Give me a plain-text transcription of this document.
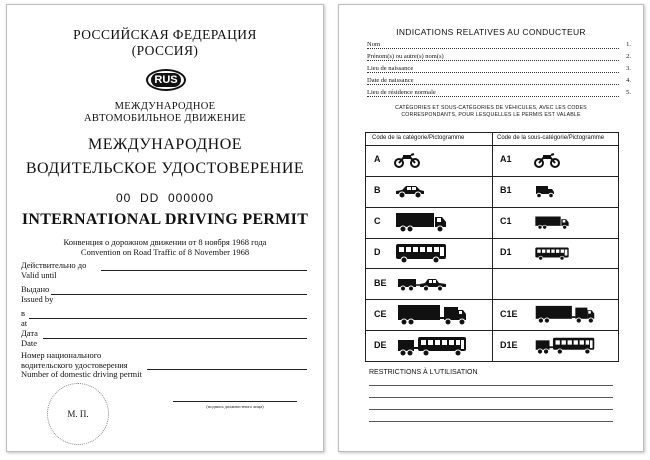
РОССИЙСКАЯ ФЕДЕРАЦИЯ
(РОССИЯ)
RUS
МЕЖДУНАРОДНОЕ
АВТОМОБИЛЬНОЕ ДВИЖЕНИЕ
МЕЖДУНАРОДНОЕ
ВОДИТЕЛЬСКОЕ УДОСТОВЕРЕНИЕ
00  DD  000000
INTERNATIONAL DRIVING PERMIT
Конвенция о дорожном движении от 8 ноября 1968 года
Convention on Road Traffic of 8 November 1968
Действительно до
Valid until
Выдано
Issued by
в
at
Дата
Date
Номер национального
водительского удостоверения
Number of domestic driving permit
М. П.
(подпись должностного лица)
INDICATIONS RELATIVES AU CONDUCTEUR
Nom	1.
Prénom(s) ou autre(s) nom(s)	2.
Lieu de naissance	3.
Date de naissance	4.
Lieu de résidence normale	5.
CATÉGORIES ET SOUS-CATÉGORIES DE VÉHICULES, AVEC LES CODES
CORRESPONDANTS, POUR LESQUELLES LE PERMIS EST VALABLE
Code de la catégorie/Pictogramme	Code de la sous-catégorie/Pictogramme
A	A1
B	B1
C	C1
D	D1
BE
CE	C1E
DE	D1E
RESTRICTIONS À L'UTILISATION
